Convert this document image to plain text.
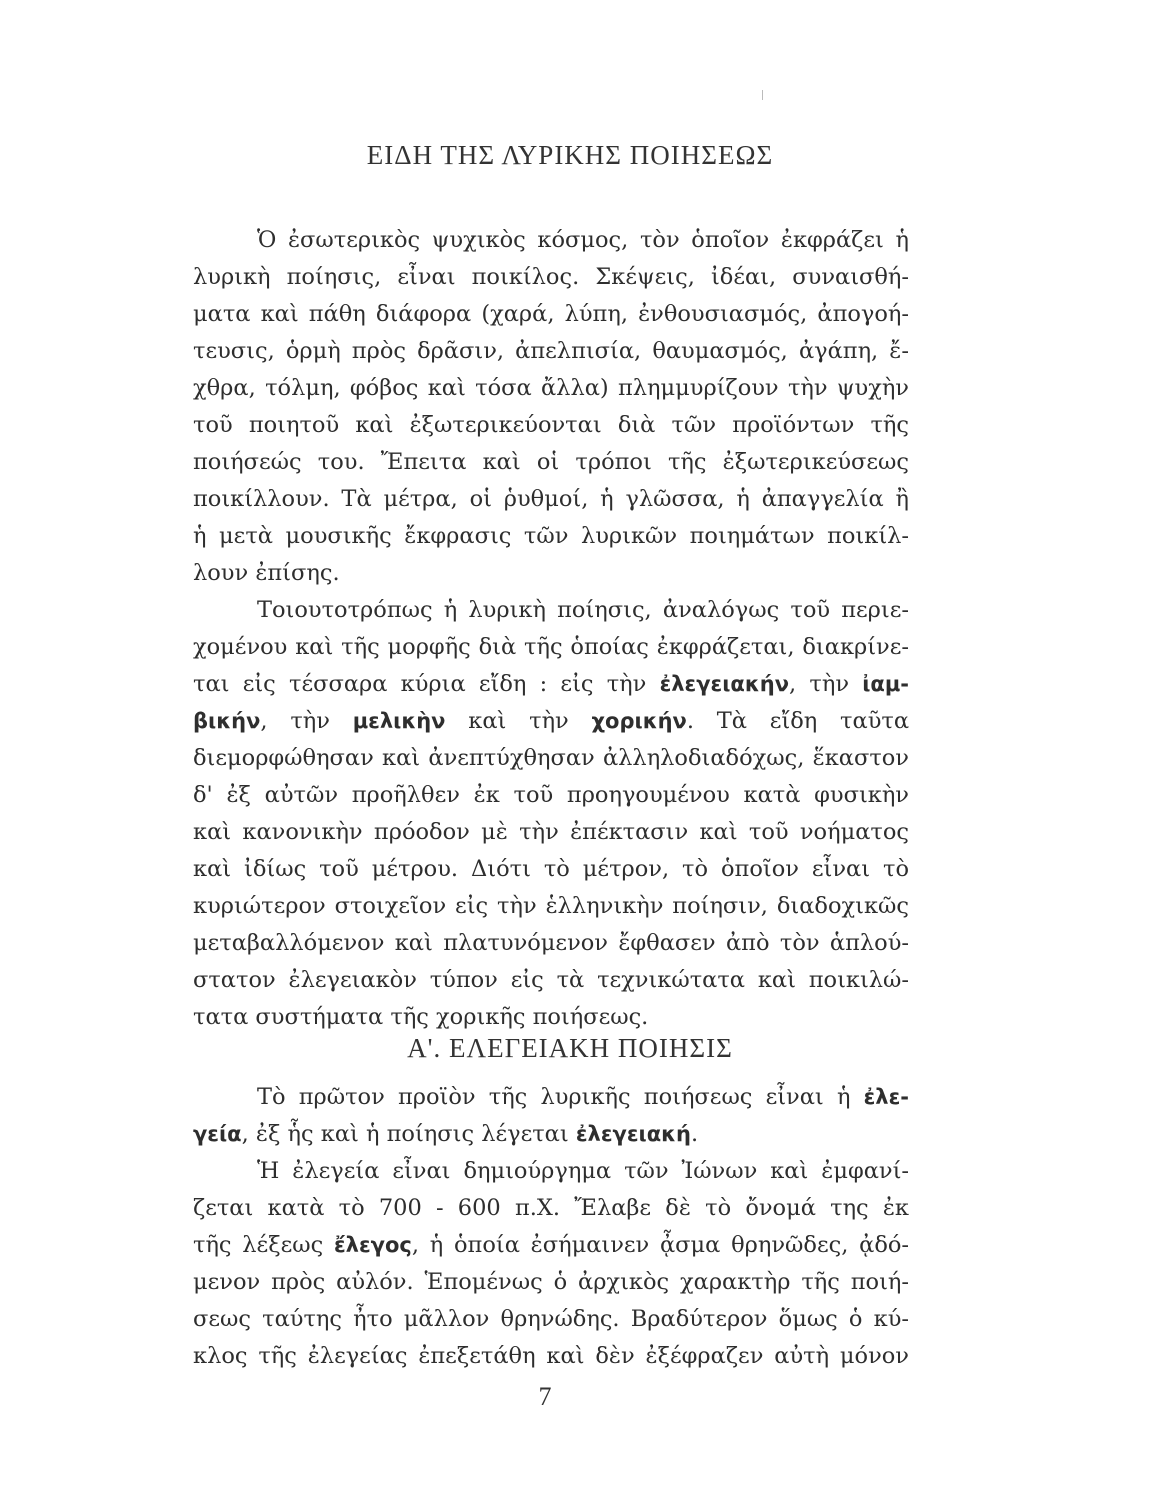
ΕΙΔΗ ΤΗΣ ΛΥΡΙΚΗΣ ΠΟΙΗΣΕΩΣ
Ὁ ἐσωτερικὸς ψυχικὸς κόσμος, τὸν ὁποῖον ἐκφράζει ἡ
λυρικὴ ποίησις, εἶναι ποικίλος. Σκέψεις, ἰδέαι, συναισθή-
ματα καὶ πάθη διάφορα (χαρά, λύπη, ἐνθουσιασμός, ἀπογοή-
τευσις, ὁρμὴ πρὸς δρᾶσιν, ἀπελπισία, θαυμασμός, ἀγάπη, ἔ-
χθρα, τόλμη, φόβος καὶ τόσα ἄλλα) πλημμυρίζουν τὴν ψυχὴν
τοῦ ποιητοῦ καὶ ἐξωτερικεύονται διὰ τῶν προϊόντων τῆς
ποιήσεώς του. Ἔπειτα καὶ οἱ τρόποι τῆς ἐξωτερικεύσεως
ποικίλλουν. Τὰ μέτρα, οἱ ῥυθμοί, ἡ γλῶσσα, ἡ ἀπαγγελία ἢ
ἡ μετὰ μουσικῆς ἔκφρασις τῶν λυρικῶν ποιημάτων ποικίλ-
λουν ἐπίσης.
Τοιουτοτρόπως ἡ λυρικὴ ποίησις, ἀναλόγως τοῦ περιε-
χομένου καὶ τῆς μορφῆς διὰ τῆς ὁποίας ἐκφράζεται, διακρίνε-
ται εἰς τέσσαρα κύρια εἴδη : εἰς τὴν ἐλεγειακήν, τὴν ἰαμ-
βικήν, τὴν μελικὴν καὶ τὴν χορικήν. Τὰ εἴδη ταῦτα
διεμορφώθησαν καὶ ἀνεπτύχθησαν ἀλληλοδιαδόχως, ἕκαστον
δ' ἐξ αὐτῶν προῆλθεν ἐκ τοῦ προηγουμένου κατὰ φυσικὴν
καὶ κανονικὴν πρόοδον μὲ τὴν ἐπέκτασιν καὶ τοῦ νοήματος
καὶ ἰδίως τοῦ μέτρου. Διότι τὸ μέτρον, τὸ ὁποῖον εἶναι τὸ
κυριώτερον στοιχεῖον εἰς τὴν ἑλληνικὴν ποίησιν, διαδοχικῶς
μεταβαλλόμενον καὶ πλατυνόμενον ἔφθασεν ἀπὸ τὸν ἁπλού-
στατον ἐλεγειακὸν τύπον εἰς τὰ τεχνικώτατα καὶ ποικιλώ-
τατα συστήματα τῆς χορικῆς ποιήσεως.
Α'. ΕΛΕΓΕΙΑΚΗ ΠΟΙΗΣΙΣ
Τὸ πρῶτον προϊὸν τῆς λυρικῆς ποιήσεως εἶναι ἡ ἐλε-
γεία, ἐξ ἧς καὶ ἡ ποίησις λέγεται ἐλεγειακή.
Ἡ ἐλεγεία εἶναι δημιούργημα τῶν Ἰώνων καὶ ἐμφανί-
ζεται κατὰ τὸ 700 - 600 π.Χ. Ἔλαβε δὲ τὸ ὄνομά της ἐκ
τῆς λέξεως ἔλεγος, ἡ ὁποία ἐσήμαινεν ᾆσμα θρηνῶδες, ᾀδό-
μενον πρὸς αὐλόν. Ἑπομένως ὁ ἀρχικὸς χαρακτὴρ τῆς ποιή-
σεως ταύτης ἦτο μᾶλλον θρηνώδης. Βραδύτερον ὅμως ὁ κύ-
κλος τῆς ἐλεγείας ἐπεξετάθη καὶ δὲν ἐξέφραζεν αὐτὴ μόνον
7
